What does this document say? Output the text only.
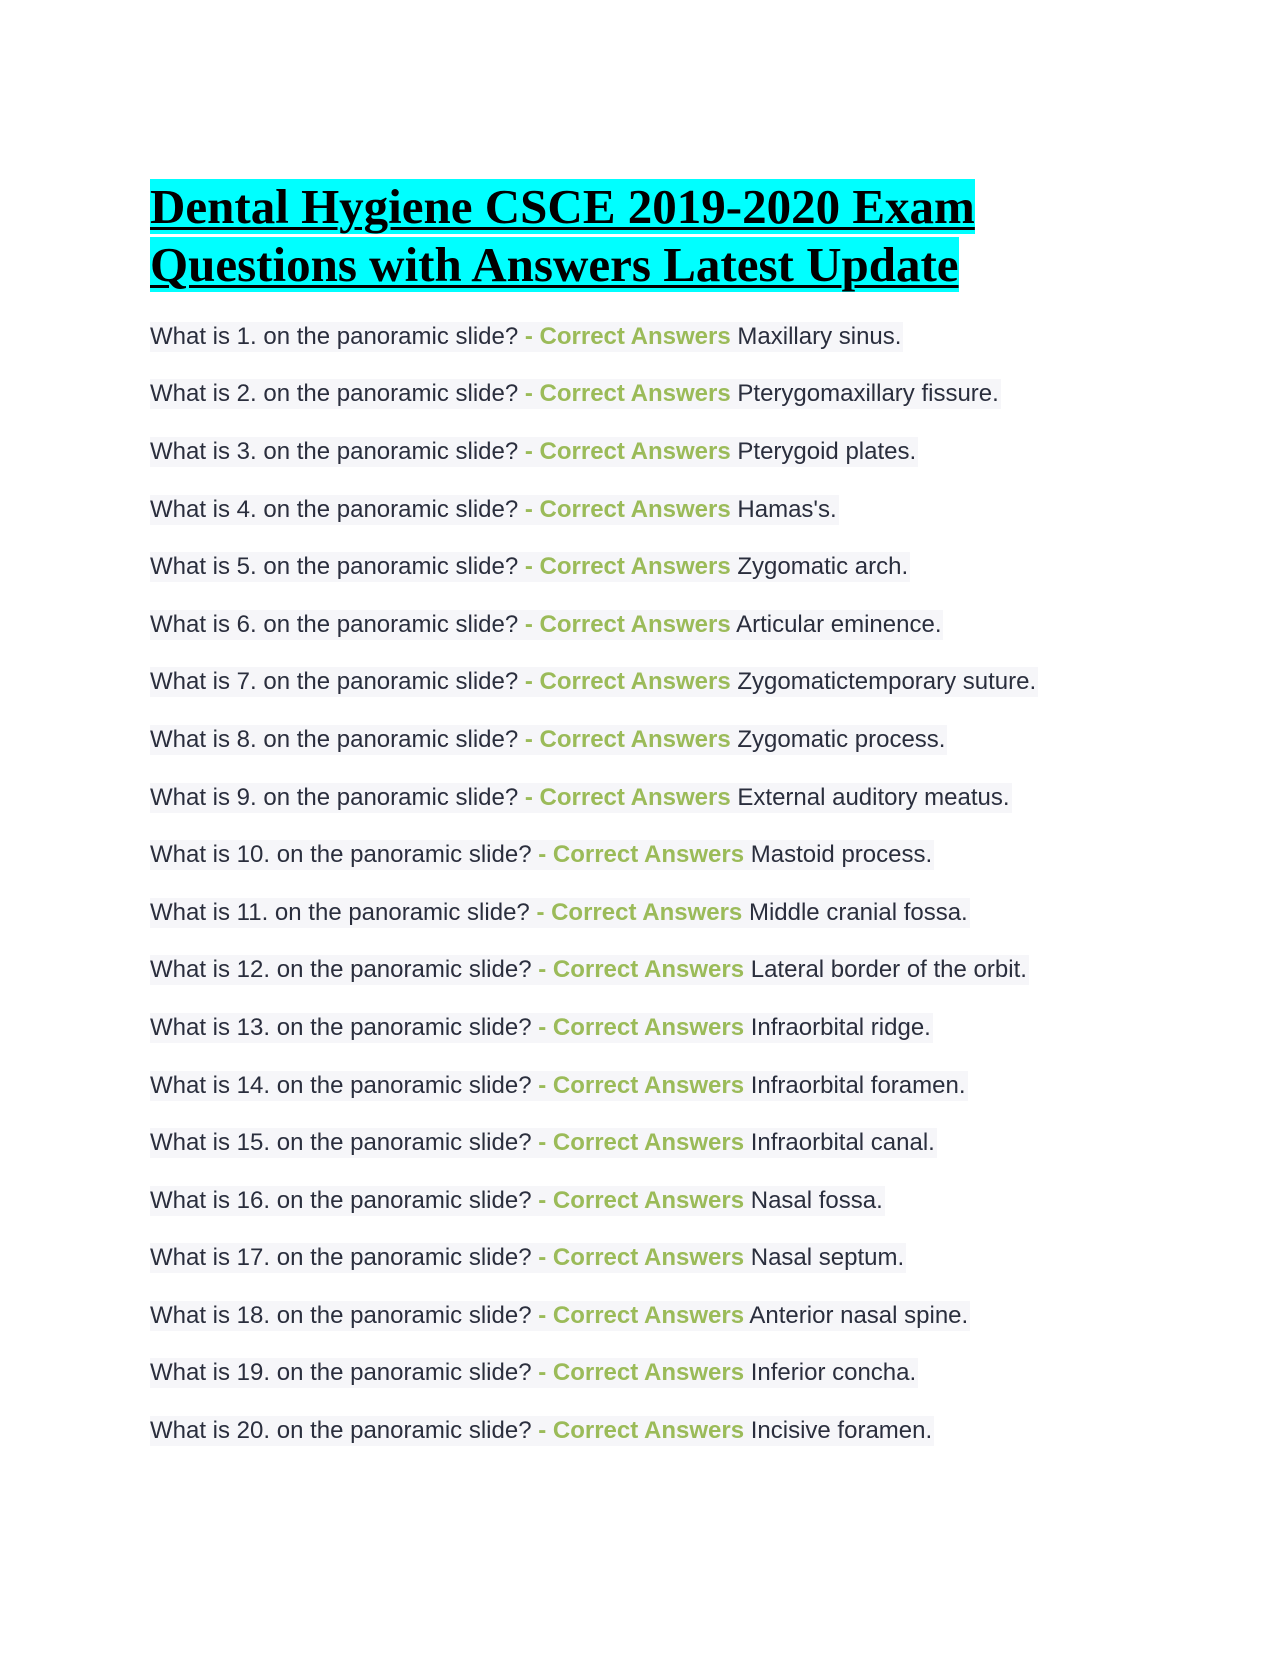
Dental Hygiene CSCE 2019-2020 Exam Questions with Answers Latest Update
What is 1. on the panoramic slide? - Correct Answers Maxillary sinus.
What is 2. on the panoramic slide? - Correct Answers Pterygomaxillary fissure.
What is 3. on the panoramic slide? - Correct Answers Pterygoid plates.
What is 4. on the panoramic slide? - Correct Answers Hamas's.
What is 5. on the panoramic slide? - Correct Answers Zygomatic arch.
What is 6. on the panoramic slide? - Correct Answers Articular eminence.
What is 7. on the panoramic slide? - Correct Answers Zygomatictemporary suture.
What is 8. on the panoramic slide? - Correct Answers Zygomatic process.
What is 9. on the panoramic slide? - Correct Answers External auditory meatus.
What is 10. on the panoramic slide? - Correct Answers Mastoid process.
What is 11. on the panoramic slide? - Correct Answers Middle cranial fossa.
What is 12. on the panoramic slide? - Correct Answers Lateral border of the orbit.
What is 13. on the panoramic slide? - Correct Answers Infraorbital ridge.
What is 14. on the panoramic slide? - Correct Answers Infraorbital foramen.
What is 15. on the panoramic slide? - Correct Answers Infraorbital canal.
What is 16. on the panoramic slide? - Correct Answers Nasal fossa.
What is 17. on the panoramic slide? - Correct Answers Nasal septum.
What is 18. on the panoramic slide? - Correct Answers Anterior nasal spine.
What is 19. on the panoramic slide? - Correct Answers Inferior concha.
What is 20. on the panoramic slide? - Correct Answers Incisive foramen.
